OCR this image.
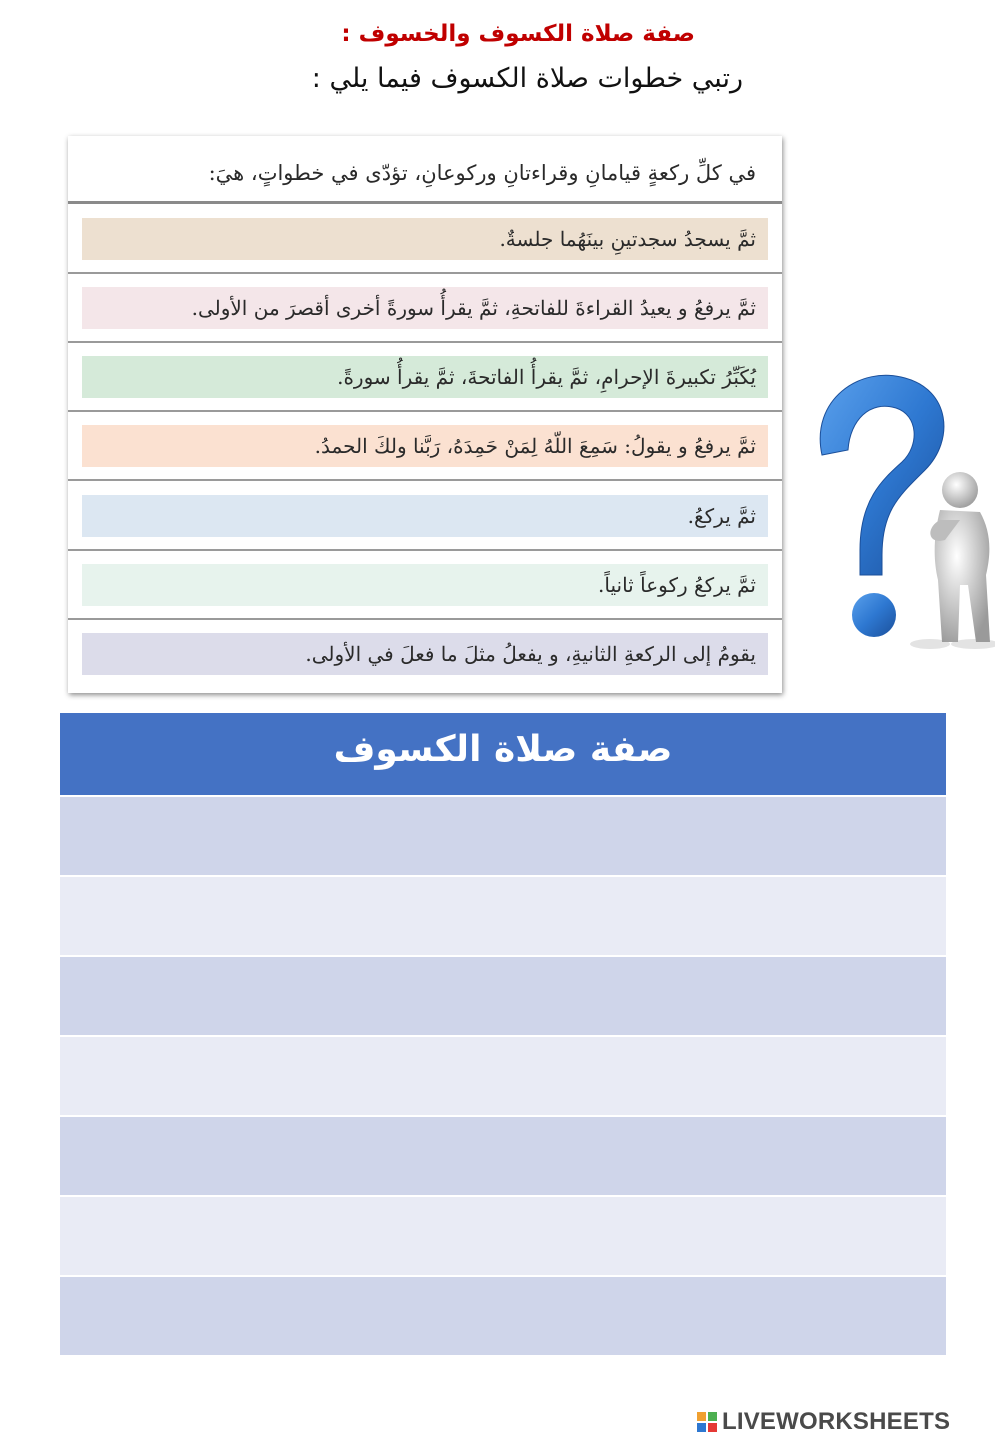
صفة صلاة الكسوف والخسوف :
رتبي خطوات صلاة الكسوف فيما يلي :
في كلِّ ركعةٍ قيامانِ وقراءتانِ وركوعانِ، تؤدّى في خطواتٍ، هيَ:
ثمَّ يسجدُ سجدتينِ بينَهُما جلسةٌ.
ثمَّ يرفعُ و يعيدُ القراءةَ للفاتحةِ، ثمَّ يقرأُ سورةً أخرى أقصرَ من الأولى.
يُكَبِّرُ تكبيرةَ الإحرامِ، ثمَّ يقرأُ الفاتحةَ، ثمَّ يقرأُ سورةً.
ثمَّ يرفعُ و يقولُ: سَمِعَ اللّهُ لِمَنْ حَمِدَهُ، رَبَّنا ولكَ الحمدُ.
ثمَّ يركعُ.
ثمَّ يركعُ ركوعاً ثانياً.
يقومُ إلى الركعةِ الثانيةِ، و يفعلُ مثلَ ما فعلَ في الأولى.
صفة صلاة الكسوف
LIVEWORKSHEETS
